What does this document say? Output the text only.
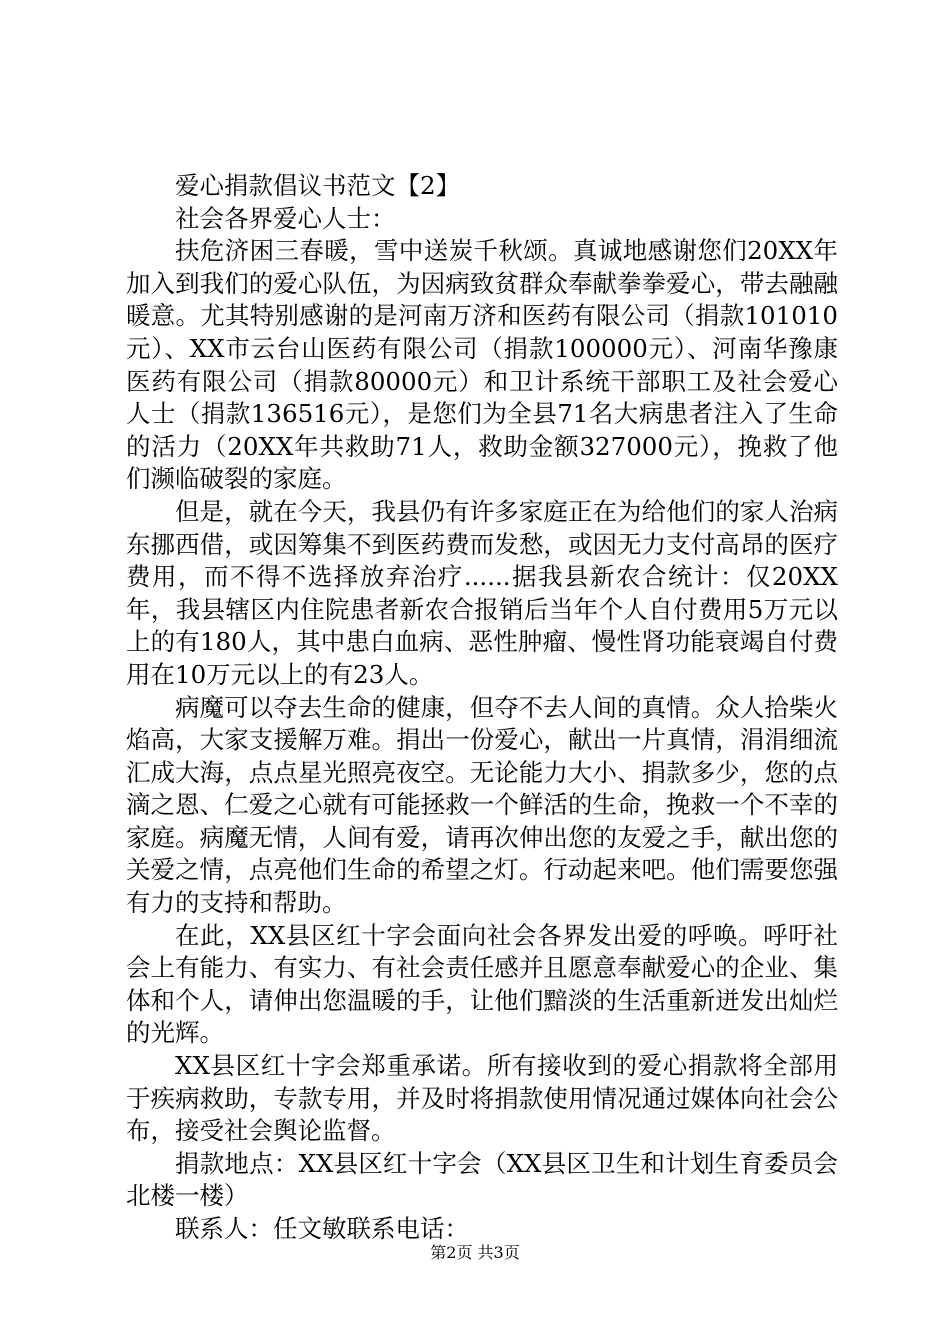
爱心捐款倡议书范文【2】

社会各界爱心人士：

扶危济困三春暖，雪中送炭千秋颂。真诚地感谢您们20XX年加入到我们的爱心队伍，为因病致贫群众奉献拳拳爱心，带去融融暖意。尤其特别感谢的是河南万济和医药有限公司（捐款101010元）、XX市云台山医药有限公司（捐款100000元）、河南华豫康医药有限公司（捐款80000元）和卫计系统干部职工及社会爱心人士（捐款136516元），是您们为全县71名大病患者注入了生命的活力（20XX年共救助71人，救助金额327000元），挽救了他们濒临破裂的家庭。

但是，就在今天，我县仍有许多家庭正在为给他们的家人治病东挪西借，或因筹集不到医药费而发愁，或因无力支付高昂的医疗费用，而不得不选择放弃治疗......据我县新农合统计：仅20XX年，我县辖区内住院患者新农合报销后当年个人自付费用5万元以上的有180人，其中患白血病、恶性肿瘤、慢性肾功能衰竭自付费用在10万元以上的有23人。

病魔可以夺去生命的健康，但夺不去人间的真情。众人拾柴火焰高，大家支援解万难。捐出一份爱心，献出一片真情，涓涓细流汇成大海，点点星光照亮夜空。无论能力大小、捐款多少，您的点滴之恩、仁爱之心就有可能拯救一个鲜活的生命，挽救一个不幸的家庭。病魔无情，人间有爱，请再次伸出您的友爱之手，献出您的关爱之情，点亮他们生命的希望之灯。行动起来吧。他们需要您强有力的支持和帮助。

在此，XX县区红十字会面向社会各界发出爱的呼唤。呼吁社会上有能力、有实力、有社会责任感并且愿意奉献爱心的企业、集体和个人，请伸出您温暖的手，让他们黯淡的生活重新迸发出灿烂的光辉。

XX县区红十字会郑重承诺。所有接收到的爱心捐款将全部用于疾病救助，专款专用，并及时将捐款使用情况通过媒体向社会公布，接受社会舆论监督。

捐款地点：XX县区红十字会（XX县区卫生和计划生育委员会北楼一楼）

联系人：任文敏联系电话：

第2页 共3页
